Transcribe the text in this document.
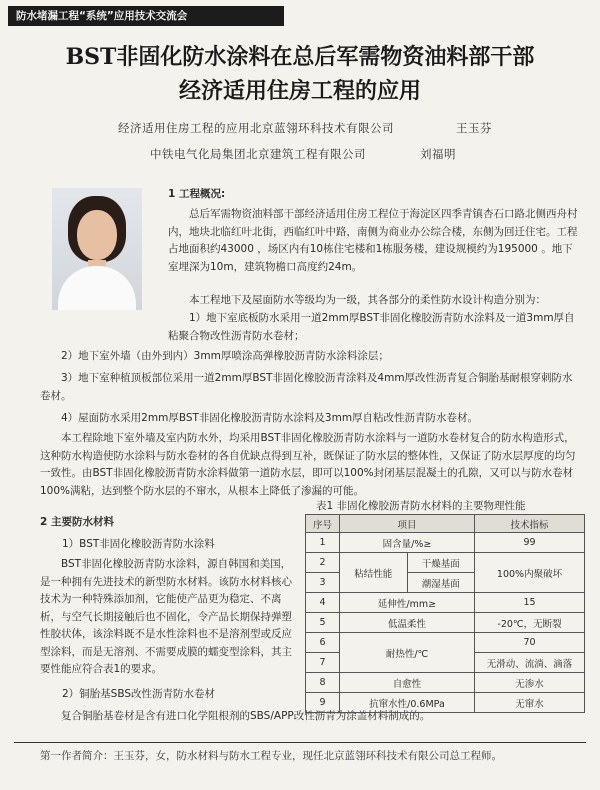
防水堵漏工程“系统”应用技术交流会
BST非固化防水涂料在总后军需物资油料部干部
经济适用住房工程的应用
经济适用住房工程的应用北京蓝翎环科技术有限公司	王玉芬
中铁电气化局集团北京建筑工程有限公司	刘福明
1 工程概况:
总后军需物资油料部干部经济适用住房工程位于海淀区四季青镇杏石口路北侧西舟村内，地块北临红叶北街，西临红叶中路，南侧为商业办公综合楼，东侧为回迁住宅。工程占地面积约43000 ，场区内有10栋住宅楼和1栋服务楼，建设规模约为195000 。地下室埋深为10m，建筑物檐口高度约24m。
本工程地下及屋面防水等级均为一级，其各部分的柔性防水设计构造分别为：
1）地下室底板防水采用一道2mm厚BST非固化橡胶沥青防水涂料及一道3mm厚自粘聚合物改性沥青防水卷材；
2）地下室外墙（由外到内）3mm厚喷涂高弹橡胶沥青防水涂料涂层；
3）地下室种植顶板部位采用一道2mm厚BST非固化橡胶沥青涂料及4mm厚改性沥青复合铜胎基耐根穿刺防水卷材。
4）屋面防水采用2mm厚BST非固化橡胶沥青防水涂料及3mm厚自粘改性沥青防水卷材。
本工程除地下室外墙及室内防水外，均采用BST非固化橡胶沥青防水涂料与一道防水卷材复合的防水构造形式，这种防水构造使防水涂料与防水卷材的各自优缺点得到互补，既保证了防水层的整体性，又保证了防水层厚度的均匀一致性。由BST非固化橡胶沥青防水涂料做第一道防水层，即可以100%封闭基层混凝土的孔隙，又可以与防水卷材100%满粘，达到整个防水层的不窜水，从根本上降低了渗漏的可能。
2 主要防水材料
1）BST非固化橡胶沥青防水涂料
BST非固化橡胶沥青防水涂料，源自韩国和美国，是一种拥有先进技术的新型防水材料。该防水材料核心技术为一种特殊添加剂，它能使产品更为稳定、不离析，与空气长期接触后也不固化，令产品长期保持弹塑性胶状体，该涂料既不是水性涂料也不是溶剂型或反应型涂料，而是无溶剂、不需要成膜的蠕变型涂料，其主要性能应符合表1的要求。
2）铜胎基SBS改性沥青防水卷材
复合铜胎基卷材是含有进口化学阻根剂的SBS/APP改性沥青为涂盖材料制成的。
表1 非固化橡胶沥青防水材料的主要物理性能
序号	项目		技术指标
1	固含量/%≥		99
2	粘结性能	干燥基面	100%内聚破坏
3		潮湿基面	
4	延伸性/mm≥		15
5	低温柔性		-20℃，无断裂
6	耐热性/℃		70
7			无滑动、流淌、滴落
8	自愈性		无渗水
9	抗窜水性/0.6MPa		无窜水
第一作者简介：王玉芬，女，防水材料与防水工程专业，现任北京蓝翎环科技术有限公司总工程师。
